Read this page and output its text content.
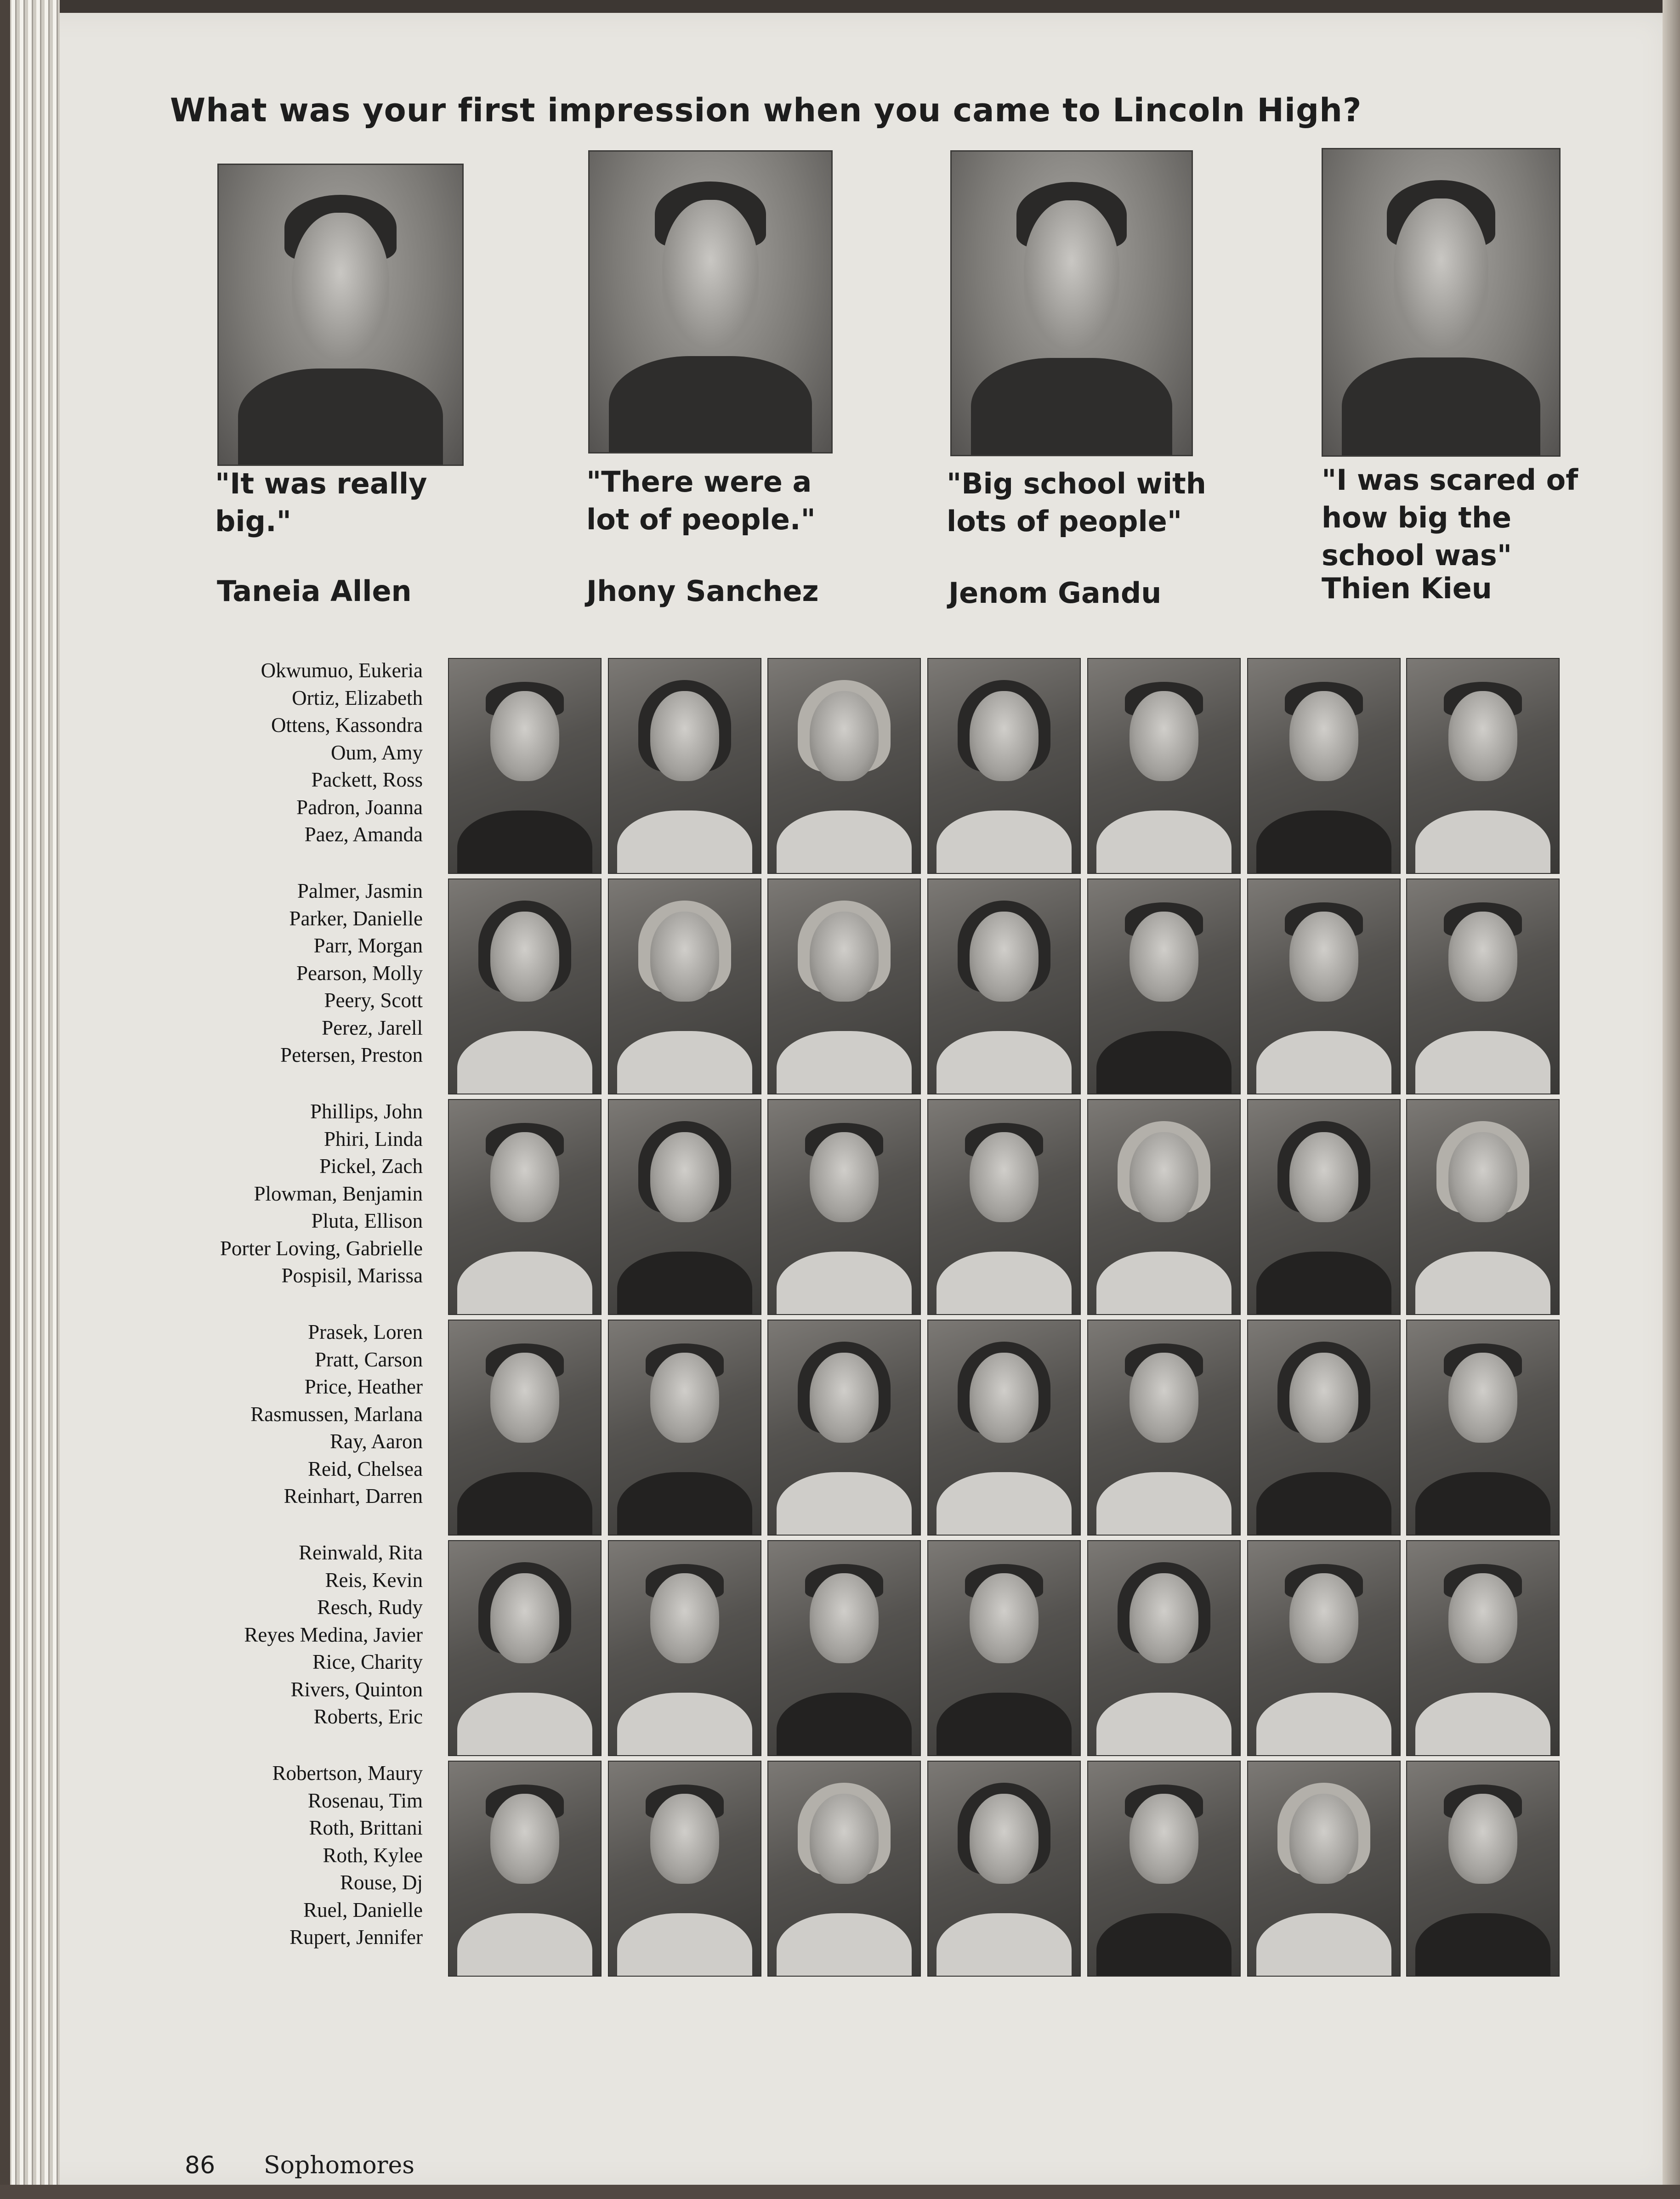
What was your first impression when you came to Lincoln High?
"It was really
big."
"There were a
lot of people."
"Big school with
lots of people"
"I was scared of
how big the
school was"
Taneia Allen	Jhony Sanchez	Jenom Gandu	Thien Kieu
Okwumuo, Eukeria
Ortiz, Elizabeth
Ottens, Kassondra
Oum, Amy
Packett, Ross
Padron, Joanna
Paez, Amanda
Palmer, Jasmin
Parker, Danielle
Parr, Morgan
Pearson, Molly
Peery, Scott
Perez, Jarell
Petersen, Preston
Phillips, John
Phiri, Linda
Pickel, Zach
Plowman, Benjamin
Pluta, Ellison
Porter Loving, Gabrielle
Pospisil, Marissa
Prasek, Loren
Pratt, Carson
Price, Heather
Rasmussen, Marlana
Ray, Aaron
Reid, Chelsea
Reinhart, Darren
Reinwald, Rita
Reis, Kevin
Resch, Rudy
Reyes Medina, Javier
Rice, Charity
Rivers, Quinton
Roberts, Eric
Robertson, Maury
Rosenau, Tim
Roth, Brittani
Roth, Kylee
Rouse, Dj
Ruel, Danielle
Rupert, Jennifer
86 Sophomores
